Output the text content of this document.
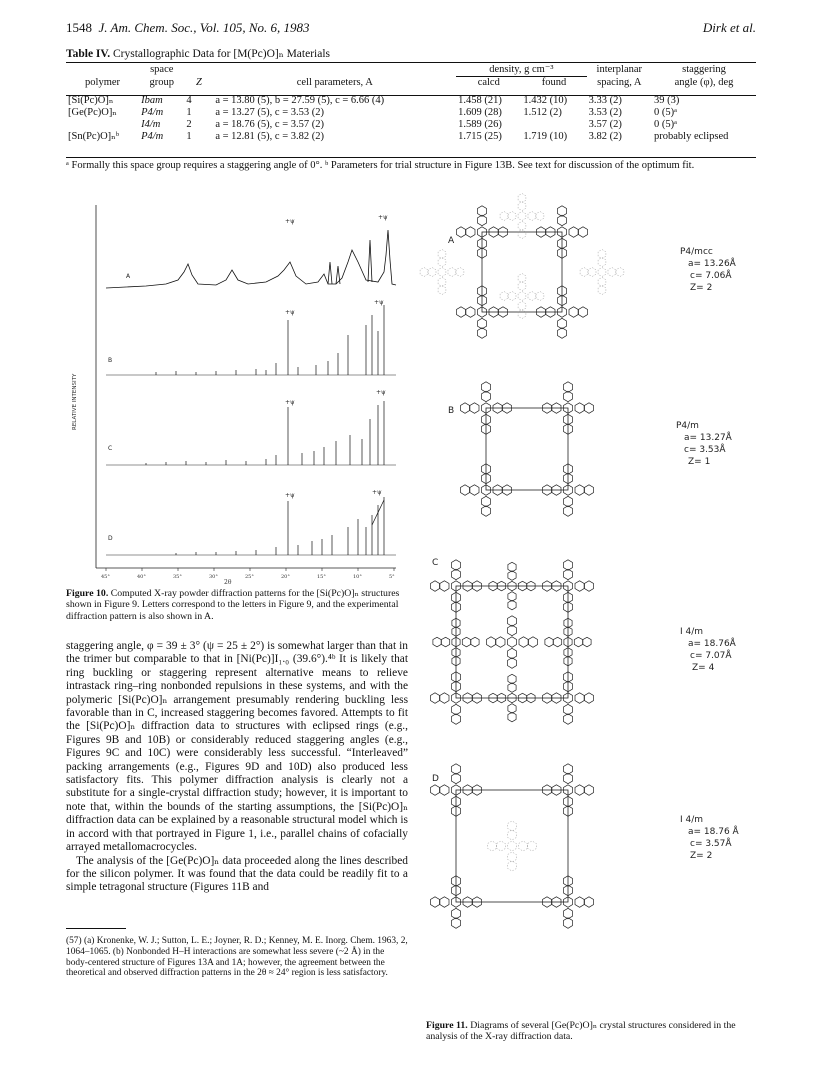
1548 J. Am. Chem. Soc., Vol. 105, No. 6, 1983	Dirk et al.
Table IV. Crystallographic Data for [M(Pc)O]ₙ Materials
	space			density, g cm⁻³		interplanar	staggering
polymer	group	Z	cell parameters, A	calcd	found	spacing, A	angle (φ), deg

[Si(Pc)O]ₙ	Ibam	4	a = 13.80 (5), b = 27.59 (5), c = 6.66 (4)	1.458 (21)	1.432 (10)	3.33 (2)	39 (3)
[Ge(Pc)O]ₙ	P4/m	1	a = 13.27 (5), c = 3.53 (2)	1.609 (28)	1.512 (2)	3.53 (2)	0 (5)ᵃ
	I4/m	2	a = 18.76 (5), c = 3.57 (2)	1.589 (26)		3.57 (2)	0 (5)ᵃ
[Sn(Pc)O]ₙᵇ	P4/m	1	a = 12.81 (5), c = 3.82 (2)	1.715 (25)	1.719 (10)	3.82 (2)	probably eclipsed
ᵃ Formally this space group requires a staggering angle of 0°. ᵇ Parameters for trial structure in Figure 13B. See text for discussion of the optimum fit.
RELATIVE INTENSITY
45°	40°	35°	30°	25°	20°	15°	10°	5°
2θ
A
B
C
D
+ψ
+ψ
+ψ
+ψ
+ψ
+ψ
+ψ	+ψ
Figure 10. Computed X-ray powder diffraction patterns for the [Si(Pc)O]ₙ structures shown in Figure 9. Letters correspond to the letters in Figure 9, and the experimental diffraction pattern is also shown in A.

staggering angle, φ = 39 ± 3° (ψ = 25 ± 2°) is somewhat larger than that in the trimer but comparable to that in [Ni(Pc)]I₁.₀ (39.6°).⁴ᵇ It is likely that ring buckling or staggering represent alternative means to relieve intrastack ring–ring nonbonded repulsions in these systems, and with the polymeric [Si(Pc)O]ₙ arrangement presumably rendering buckling less favorable than in C, increased staggering becomes favored. Attempts to fit the [Si(Pc)O]ₙ diffraction data to structures with eclipsed rings (e.g., Figures 9B and 10B) or considerably reduced staggering angles (e.g., Figures 9C and 10C) were considerably less successful. “Interleaved” packing arrangements (e.g., Figures 9D and 10D) also produced less satisfactory fits. This polymer diffraction analysis is clearly not a substitute for a single-crystal diffraction study; however, it is important to note that, within the bounds of the starting assumptions, the [Si(Pc)O]ₙ diffraction data can be explained by a reasonable structural model which is in accord with that portrayed in Figure 1, i.e., parallel chains of cofacially arrayed metallomacrocycles.

The analysis of the [Ge(Pc)O]ₙ data proceeded along the lines described for the silicon polymer. It was found that the data could be readily fit to a simple tetragonal structure (Figures 11B and

(57) (a) Kronenke, W. J.; Sutton, L. E.; Joyner, R. D.; Kenney, M. E. Inorg. Chem. 1963, 2, 1064–1065. (b) Nonbonded H–H interactions are somewhat less severe (~2 Å) in the body-centered structure of Figures 13A and 1A; however, the agreement between the theoretical and observed diffraction patterns in the 2θ ≈ 24° region is less satisfactory.
A
B
C
D
P4/mcc
a= 13.26Å
c= 7.06Å
Z= 2
P4/m
a= 13.27Å
c= 3.53Å
Z= 1
I 4/m
a= 18.76Å
c= 7.07Å
Z= 4
I 4/m
a= 18.76 Å
c= 3.57Å
Z= 2
Figure 11. Diagrams of several [Ge(Pc)O]ₙ crystal structures considered in the analysis of the X-ray diffraction data.
